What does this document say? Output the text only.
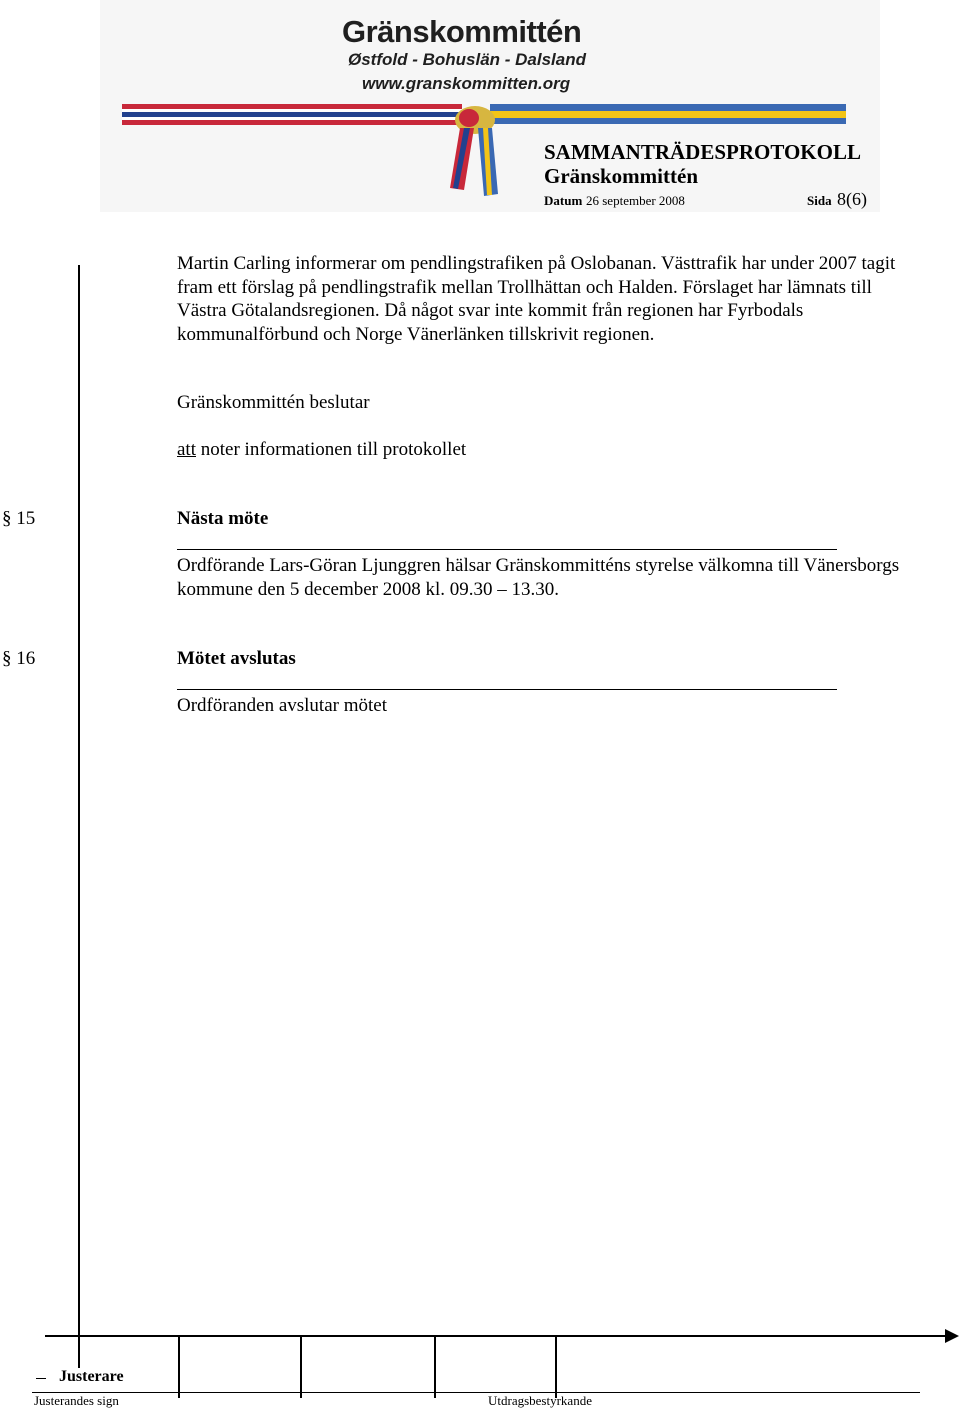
Gränskommittén
Østfold - Bohuslän - Dalsland
www.granskommitten.org
SAMMANTRÄDESPROTOKOLL
Gränskommittén
Datum 26 september 2008	Sida 8(6)
Martin Carling informerar om pendlingstrafiken på Oslobanan. Västtrafik har under 2007 tagit fram ett förslag på pendlingstrafik mellan Trollhättan och Halden. Förslaget har lämnats till Västra Götalandsregionen. Då något svar inte kommit från regionen har Fyrbodals kommunalförbund och Norge Vänerlänken tillskrivit regionen.
Gränskommittén beslutar
att noter informationen till protokollet
§ 15	Nästa möte
Ordförande Lars-Göran Ljunggren hälsar Gränskommitténs styrelse välkomna till Vänersborgs kommune den 5 december 2008 kl. 09.30 – 13.30.
§ 16	Mötet avslutas
Ordföranden avslutar mötet
Justerare
Justerandes sign	Utdragsbestyrkande
